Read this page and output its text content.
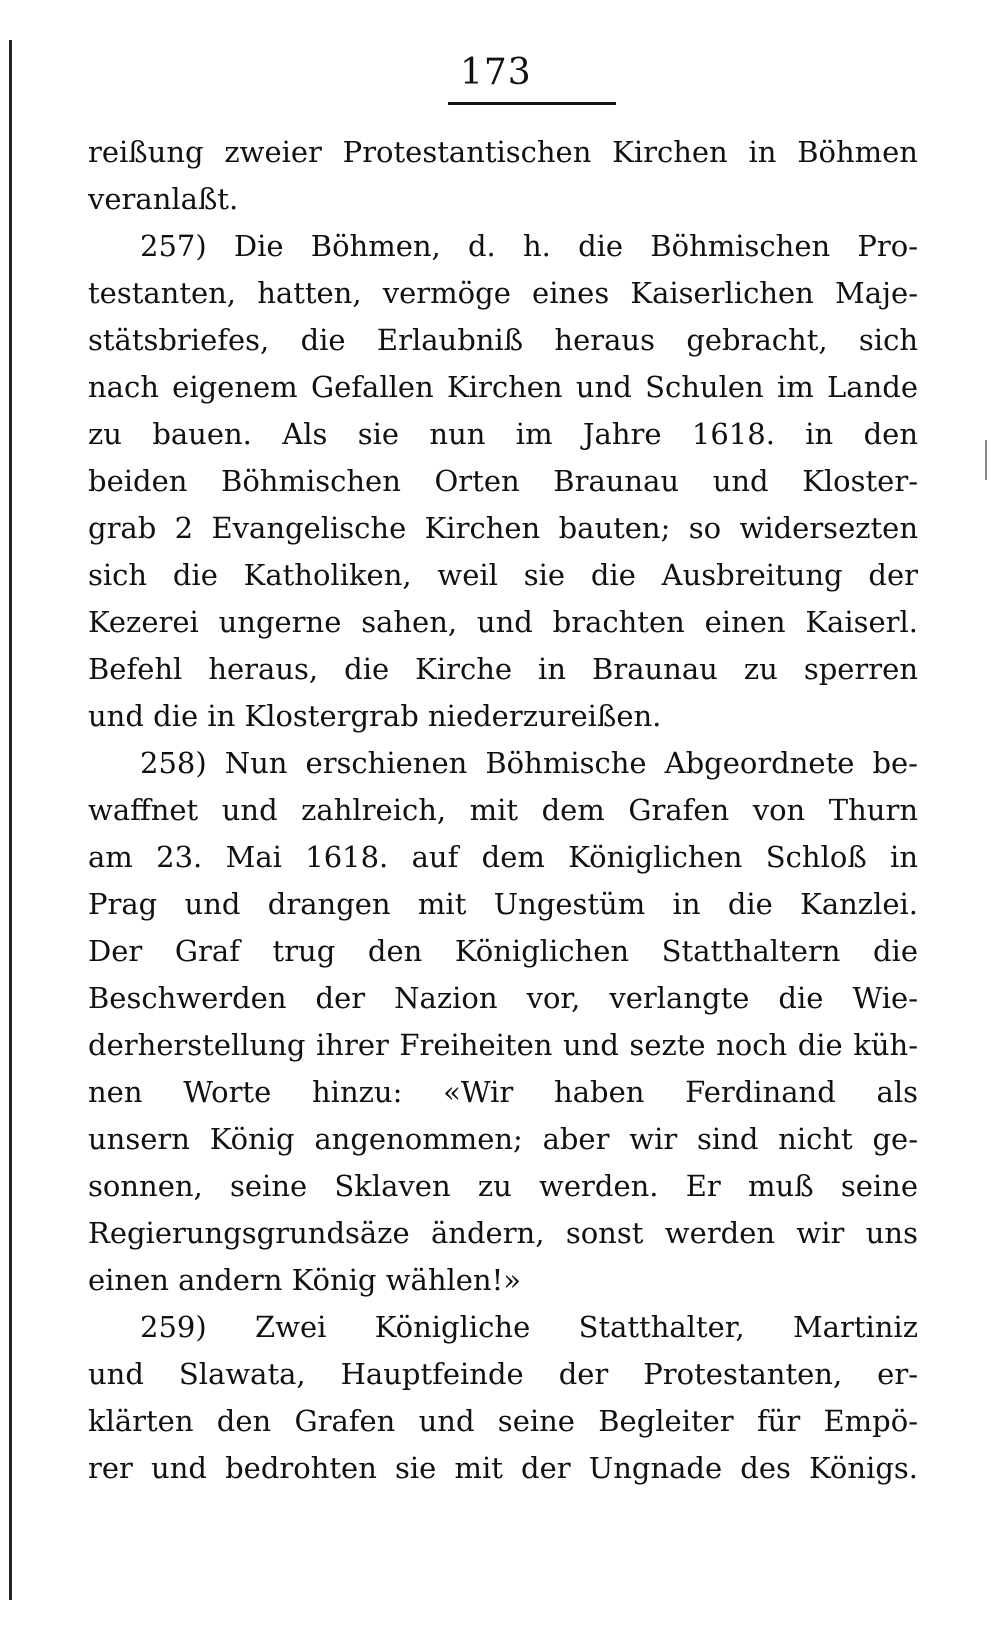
173
reißung zweier Protestantischen Kirchen in Böhmen
veranlaßt.
257) Die Böhmen, d. h. die Böhmischen Pro-
testanten, hatten, vermöge eines Kaiserlichen Maje-
stätsbriefes, die Erlaubniß heraus gebracht, sich
nach eigenem Gefallen Kirchen und Schulen im Lande
zu bauen. Als sie nun im Jahre 1618. in den
beiden Böhmischen Orten Braunau und Kloster-
grab 2 Evangelische Kirchen bauten; so widersezten
sich die Katholiken, weil sie die Ausbreitung der
Kezerei ungerne sahen, und brachten einen Kaiserl.
Befehl heraus, die Kirche in Braunau zu sperren
und die in Klostergrab niederzureißen.
258) Nun erschienen Böhmische Abgeordnete be-
waffnet und zahlreich, mit dem Grafen von Thurn
am 23. Mai 1618. auf dem Königlichen Schloß in
Prag und drangen mit Ungestüm in die Kanzlei.
Der Graf trug den Königlichen Statthaltern die
Beschwerden der Nazion vor, verlangte die Wie-
derherstellung ihrer Freiheiten und sezte noch die küh-
nen Worte hinzu: «Wir haben Ferdinand als
unsern König angenommen; aber wir sind nicht ge-
sonnen, seine Sklaven zu werden. Er muß seine
Regierungsgrundsäze ändern, sonst werden wir uns
einen andern König wählen!»
259) Zwei Königliche Statthalter, Martiniz
und Slawata, Hauptfeinde der Protestanten, er-
klärten den Grafen und seine Begleiter für Empö-
rer und bedrohten sie mit der Ungnade des Königs.
